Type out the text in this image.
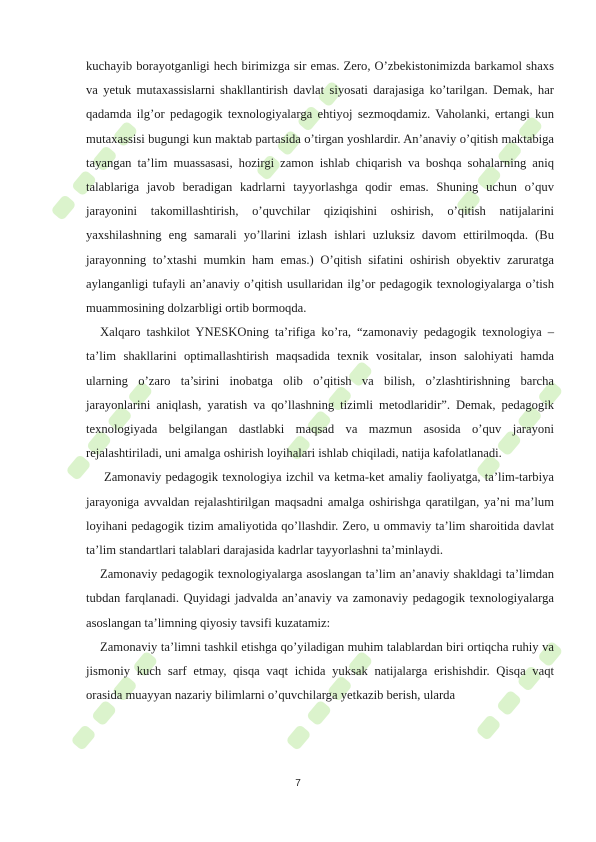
kuchayib borayotganligi hech birimizga sir emas. Zero, O’zbekistonimizda barkamol shaxs va yetuk mutaxassislarni shakllantirish davlat siyosati darajasiga ko’tarilgan. Demak, har qadamda ilg’or pedagogik texnologiyalarga ehtiyoj sezmoqdamiz. Vaholanki, ertangi kun mutaxassisi bugungi kun maktab partasida o’tirgan yoshlardir. An’anaviy o’qitish maktabiga tayangan ta’lim muassasasi, hozirgi zamon ishlab chiqarish va boshqa sohalarning aniq talablariga javob beradigan kadrlarni tayyorlashga qodir emas. Shuning uchun o’quv jarayonini takomillashtirish, o’quvchilar qiziqishini oshirish, o’qitish natijalarini yaxshilashning eng samarali yo’llarini izlash ishlari uzluksiz davom ettirilmoqda. (Bu jarayonning to’xtashi mumkin ham emas.) O’qitish sifatini oshirish obyektiv zaruratga aylanganligi tufayli an’anaviy o’qitish usullaridan ilg’or pedagogik texnologiyalarga o’tish muammosining dolzarbligi ortib bormoqda.

Xalqaro tashkilot YNESKOning ta’rifiga ko’ra, “zamonaviy pedagogik texnologiya – ta’lim shakllarini optimallashtirish maqsadida texnik vositalar, inson salohiyati hamda ularning o’zaro ta’sirini inobatga olib o’qitish va bilish, o’zlashtirishning barcha jarayonlarini aniqlash, yaratish va qo’llashning tizimli metodlaridir”. Demak, pedagogik texnologiyada belgilangan dastlabki maqsad va mazmun asosida o’quv jarayoni rejalashtiriladi, uni amalga oshirish loyihalari ishlab chiqiladi, natija kafolatlanadi.

Zamonaviy pedagogik texnologiya izchil va ketma-ket amaliy faoliyatga, ta’lim-tarbiya jarayoniga avvaldan rejalashtirilgan maqsadni amalga oshirishga qaratilgan, ya’ni ma’lum loyihani pedagogik tizim amaliyotida qo’llashdir. Zero, u ommaviy ta’lim sharoitida davlat ta’lim standartlari talablari darajasida kadrlar tayyorlashni ta’minlaydi.

Zamonaviy pedagogik texnologiyalarga asoslangan ta’lim an’anaviy shakldagi ta’limdan tubdan farqlanadi. Quyidagi jadvalda an’anaviy va zamonaviy pedagogik texnologiyalarga asoslangan ta’limning qiyosiy tavsifi kuzatamiz:

Zamonaviy ta’limni tashkil etishga qo’yiladigan muhim talablardan biri ortiqcha ruhiy va jismoniy kuch sarf etmay, qisqa vaqt ichida yuksak natijalarga erishishdir. Qisqa vaqt orasida muayyan nazariy bilimlarni o’quvchilarga yetkazib berish, ularda

7
